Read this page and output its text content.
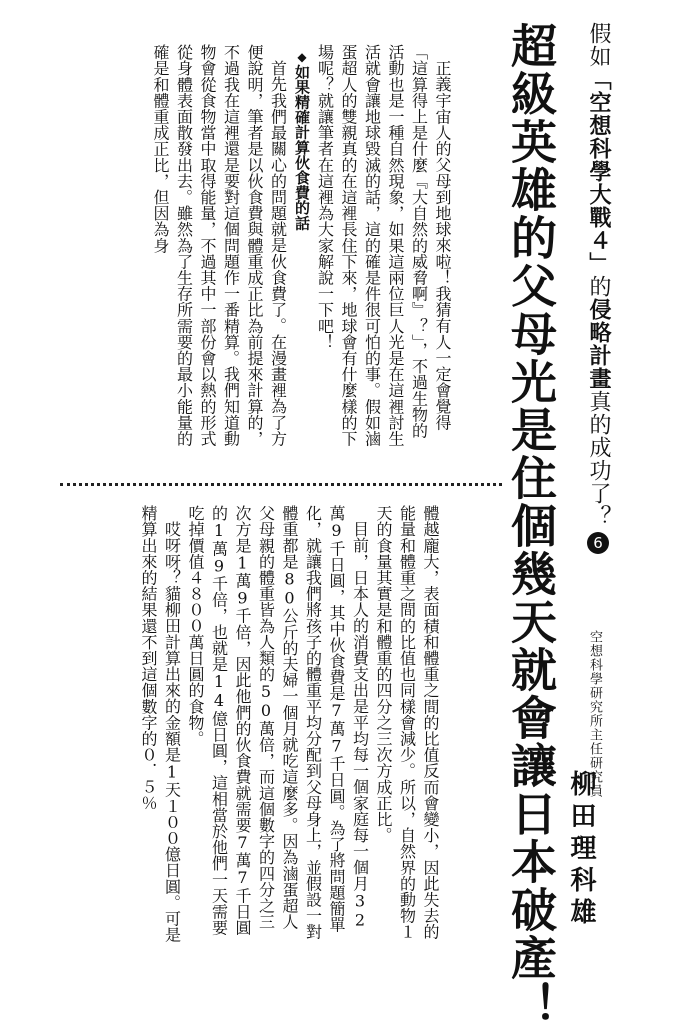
假如「空想科學大戰４」的侵略計畫真的成功了？6
超級英雄的父母光是住個幾天就會讓日本破產！ 空想科學研究所主任研究員
柳田理科雄

正義宇宙人的父母到地球來啦！我猜有人一定會覺得「這算得上是什麼『大自然的威脅啊』？」，不過生物的活動也是一種自然現象，如果這兩位巨人光是在這裡討生活就會讓地球毀滅的話，這的確是件很可怕的事。假如滷蛋超人的雙親真的在這裡長住下來，地球會有什麼樣的下場呢？就讓筆者在這裡為大家解說一下吧！

◆如果精確計算伙食費的話

首先我們最關心的問題就是伙食費了。在漫畫裡為了方便說明，筆者是以伙食費與體重成正比為前提來計算的，不過我在這裡還是要對這個問題作一番精算。我們知道動物會從食物當中取得能量，不過其中一部份會以熱的形式從身體表面散發出去。雖然為了生存所需要的最小能量的確是和體重成正比，但因為身

體越龐大，表面積和體重之間的比值反而會變小，因此失去的能量和體重之間的比值也同樣會減少。所以，自然界的動物１天的食量其實是和體重的四分之三次方成正比。

目前，日本人的消費支出是平均每一個家庭每一個月32萬9千日圓，其中伙食費是7萬7千日圓。為了將問題簡單化，就讓我們將孩子的體重平均分配到父母身上，並假設一對體重都是80公斤的夫婦一個月就吃這麼多。因為滷蛋超人父母親的體重皆為人類的50萬倍，而這個數字的四分之三次方是1萬9千倍，因此他們的伙食費就需要7萬7千日圓的1萬9千倍，也就是14億日圓，這相當於他們一天需要吃掉價值４８００萬日圓的食物。

哎呀呀？貓柳田計算出來的金額是1天１００億日圓。可是精算出來的結果還不到這個數字的０．５％
